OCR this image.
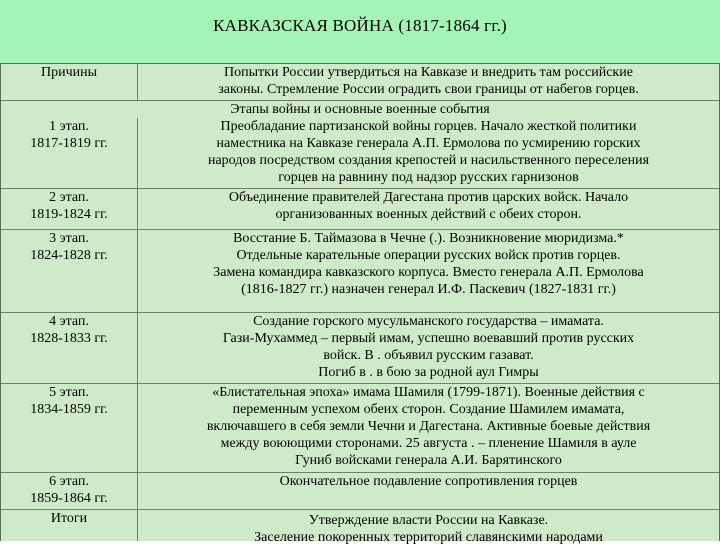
КАВКАЗСКАЯ ВОЙНА (1817-1864 гг.)
Причины	Попытки России утвердиться на Кавказе и внедрить там российские
законы. Стремление России оградить свои границы от набегов горцев.
Этапы войны и основные военные события
1 этап.
1817-1819 гг.
Преобладание партизанской войны горцев. Начало жесткой политики
наместника на Кавказе генерала А.П. Ермолова по усмирению горских
народов посредством создания крепостей и насильственного переселения
горцев на равнину под надзор русских гарнизонов
2 этап.
1819-1824 гг.
Объединение правителей Дагестана против царских войск. Начало
организованных военных действий с обеих сторон.
3 этап.
1824-1828 гг.
Восстание Б. Таймазова в Чечне (.). Возникновение мюридизма.*
Отдельные карательные операции русских войск против горцев.
Замена командира кавказского корпуса. Вместо генерала А.П. Ермолова
(1816-1827 гг.) назначен генерал И.Ф. Паскевич (1827-1831 гг.)
4 этап.
1828-1833 гг.
Создание горского мусульманского государства – имамата.
Гази-Мухаммед – первый имам, успешно воевавший против русских
войск. В . объявил русским газават.
Погиб в . в бою за родной аул Гимры
5 этап.
1834-1859 гг.
«Блистательная эпоха» имама Шамиля (1799-1871). Военные действия с
переменным успехом обеих сторон. Создание Шамилем имамата,
включавшего в себя земли Чечни и Дагестана. Активные боевые действия
между воюющими сторонами. 25 августа . – пленение Шамиля в ауле
Гуниб войсками генерала А.И. Барятинского
6 этап.
1859-1864 гг.
Окончательное подавление сопротивления горцев
Итоги	Утверждение власти России на Кавказе.
Заселение покоренных территорий славянскими народами
